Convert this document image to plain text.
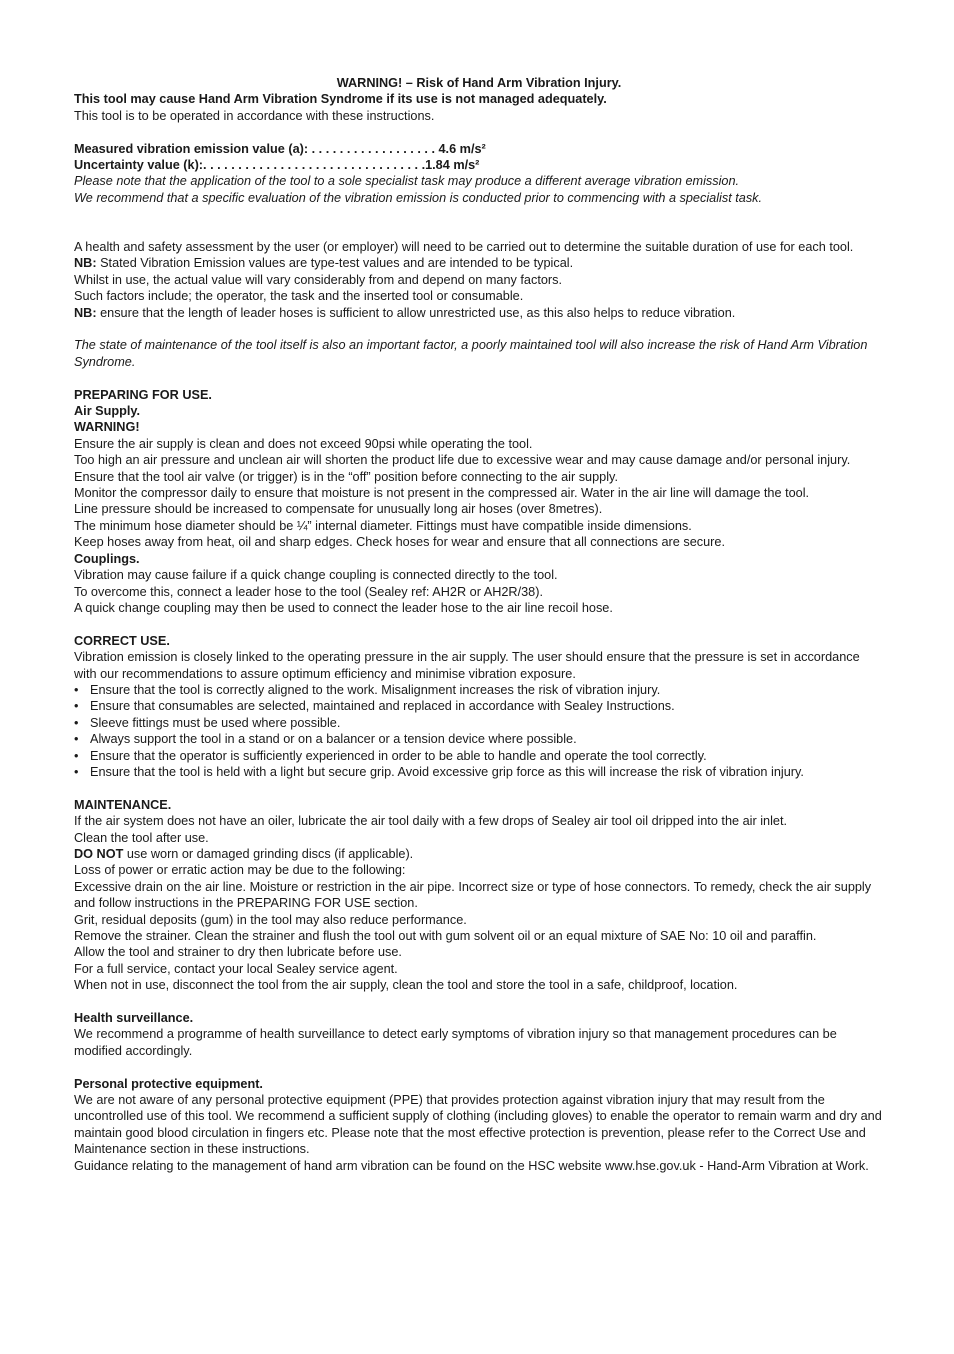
WARNING! – Risk of Hand Arm Vibration Injury.

This tool may cause Hand Arm Vibration Syndrome if its use is not managed adequately.

This tool is to be operated in accordance with these instructions.

Measured vibration emission value (a): . . . . . . . . . . . . . . . . . . 4.6 m/s²

Uncertainty value (k):. . . . . . . . . . . . . . . . . . . . . . . . . . . . . . . .1.84 m/s²

Please note that the application of the tool to a sole specialist task may produce a different average vibration emission.

We recommend that a specific evaluation of the vibration emission is conducted prior to commencing with a specialist task.

A health and safety assessment by the user (or employer) will need to be carried out to determine the suitable duration of use for each tool.

NB: Stated Vibration Emission values are type-test values and are intended to be typical.

Whilst in use, the actual value will vary considerably from and depend on many factors.

Such factors include; the operator, the task and the inserted tool or consumable.

NB: ensure that the length of leader hoses is sufficient to allow unrestricted use, as this also helps to reduce vibration.

The state of maintenance of the tool itself is also an important factor, a poorly maintained tool will also increase the risk of Hand Arm Vibration Syndrome.

PREPARING FOR USE.

Air Supply.

WARNING!

Ensure the air supply is clean and does not exceed 90psi while operating the tool.

Too high an air pressure and unclean air will shorten the product life due to excessive wear and may cause damage and/or personal injury.

Ensure that the tool air valve (or trigger) is in the “off” position before connecting to the air supply.

Monitor the compressor daily to ensure that moisture is not present in the compressed air. Water in the air line will damage the tool.

Line pressure should be increased to compensate for unusually long air hoses (over 8metres).

The minimum hose diameter should be ¼” internal diameter. Fittings must have compatible inside dimensions.

Keep hoses away from heat, oil and sharp edges. Check hoses for wear and ensure that all connections are secure.

Couplings.

Vibration may cause failure if a quick change coupling is connected directly to the tool.

To overcome this, connect a leader hose to the tool (Sealey ref: AH2R or AH2R/38).

A quick change coupling may then be used to connect the leader hose to the air line recoil hose.

CORRECT USE.

Vibration emission is closely linked to the operating pressure in the air supply. The user should ensure that the pressure is set in accordance with our recommendations to assure optimum efficiency and minimise vibration exposure.

• Ensure that the tool is correctly aligned to the work. Misalignment increases the risk of vibration injury.
• Ensure that consumables are selected, maintained and replaced in accordance with Sealey Instructions.
• Sleeve fittings must be used where possible.
• Always support the tool in a stand or on a balancer or a tension device where possible.
• Ensure that the operator is sufficiently experienced in order to be able to handle and operate the tool correctly.
• Ensure that the tool is held with a light but secure grip. Avoid excessive grip force as this will increase the risk of vibration injury.

MAINTENANCE.

If the air system does not have an oiler, lubricate the air tool daily with a few drops of Sealey air tool oil dripped into the air inlet.

Clean the tool after use.

DO NOT use worn or damaged grinding discs (if applicable).

Loss of power or erratic action may be due to the following:

Excessive drain on the air line. Moisture or restriction in the air pipe. Incorrect size or type of hose connectors. To remedy, check the air supply and follow instructions in the PREPARING FOR USE section.

Grit, residual deposits (gum) in the tool may also reduce performance.

Remove the strainer. Clean the strainer and flush the tool out with gum solvent oil or an equal mixture of SAE No: 10 oil and paraffin.

Allow the tool and strainer to dry then lubricate before use.

For a full service, contact your local Sealey service agent.

When not in use, disconnect the tool from the air supply, clean the tool and store the tool in a safe, childproof, location.

Health surveillance.

We recommend a programme of health surveillance to detect early symptoms of vibration injury so that management procedures can be modified accordingly.

Personal protective equipment.

We are not aware of any personal protective equipment (PPE) that provides protection against vibration injury that may result from the uncontrolled use of this tool. We recommend a sufficient supply of clothing (including gloves) to enable the operator to remain warm and dry and maintain good blood circulation in fingers etc. Please note that the most effective protection is prevention, please refer to the Correct Use and Maintenance section in these instructions.

Guidance relating to the management of hand arm vibration can be found on the HSC website www.hse.gov.uk - Hand-Arm Vibration at Work.
